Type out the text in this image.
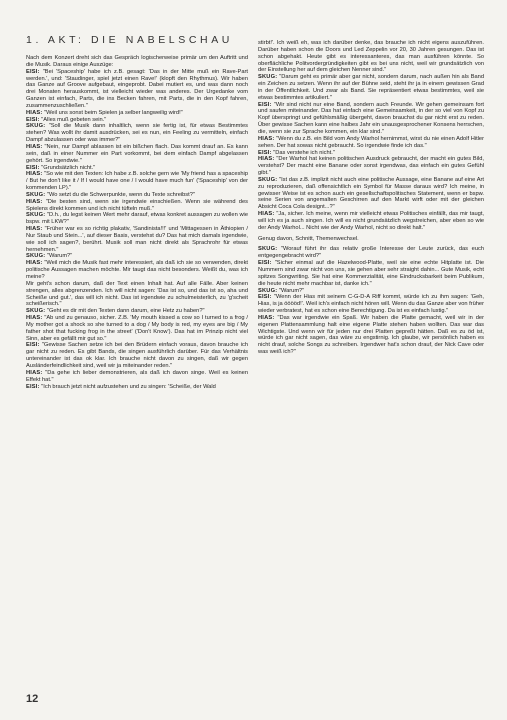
1. AKT: DIE NABELSCHAU

Nach dem Konzert dreht sich das Gespräch logischerweise primär um den Auftritt und die Musik. Daraus einige Auszüge:

EISI: "Bei 'Spaceship' habe ich z.B. gesagt: 'Das in der Mitte muß ein Rave-Part werden.', und: 'Staudinger, spiel jetzt einen Rave!' (klopft den Rhythmus). Wir haben das Ganze auf Groove aufgebaut, eingeprobt. Dabei mutiert es, und was dann noch drei Monaten herauskommt, ist vielleicht wieder was anderes. Der Urgedanke vom Ganzen ist einfach, Parts, die ins Becken fahren, mit Parts, die in den Kopf fahren, zusammenzuschließen."

HIAS: "Weil uns sonst beim Spielen ja selber langweilig wird!"

EISI: "Alles muß gebeten sein."

SKUG: "Soll die Musik dann inhaltlich, wenn sie fertig ist, für etwas Bestimmtes stehen? Was wollt ihr damit ausdrücken, sei es nun, ein Feeling zu vermitteln, einfach Dampf abzulassen oder was immer?"

HIAS: "Nein, nur Dampf ablassen ist ein bißchen flach. Das kommt drauf an. Es kann sein, daß in einer Nummer ein Part vorkommt, bei dem einfach Dampf abgelassen gehört. So irgendwie."

EISI: "Grundsätzlich nicht."

HIAS: "So wie mit den Texten: Ich habe z.B. solche gern wie 'My friend has a spaceship / But he don't like it / If I would have one / I would have much fun' ('Spaceship' von der kommenden LP)."

SKUG: "Wo setzt du die Schwerpunkte, wenn du Texte schreibst?"

HIAS: "Die besten sind, wenn sie irgendwie einschießen. Wenn sie während des Spielens direkt kommen und ich nicht tüfteln muß."

SKUG: "D.h., du legst keinen Wert mehr darauf, etwas konkret aussagen zu wollen wie bspw. mit LKW?"

HIAS: "Früher war es so richtig plakativ, 'Sandinista!!!' und 'Mittagessen in Äthiopien / Nur Staub und Stein...', auf dieser Basis, verstehst du? Das hat mich damals irgendwie, wie soll ich sagen?, berührt. Musik soll man nicht direkt als Sprachrohr für etwas hernehmen."

SKUG: "Warum?"

HIAS: "Weil mich die Musik fast mehr interessiert, als daß ich sie so verwenden, direkt politische Aussagen machen möchte. Mir taugt das nicht besonders. Weißt du, was ich meine?

Mir geht's schon darum, daß der Text einen Inhalt hat. Auf alle Fälle. Aber keinen strengen, alles abgrenzenden. Ich will nicht sagen: 'Das ist so, und das ist so, aha und Scheiße und gut.', das will ich nicht. Das ist irgendwie zu schulmeisterlich, zu 'g'scheit scheißerisch."

SKUG: "Geht es dir mit den Texten dann darum, eine Hetz zu haben?"

HIAS: "Ab und zu genauso, sicher. Z.B. 'My mouth kissed a cow so I turned to a frog / My mother got a shock so she turned to a dog / My body is red, my eyes are big / My father shot that fucking frog in the street' ('Don't Know'). Das hat im Prinzip nicht viel Sinn, aber es gefällt mir gut so."

EISI: "Gewisse Sachen setze ich bei den Brüdern einfach voraus, davon brauche ich gar nicht zu reden. Es gibt Bands, die singen ausführlich darüber. Für das Verhältnis untereinander ist das ok klar. Ich brauche nicht davon zu singen, daß wir gegen Ausländerfeindlichkeit sind, weil wir ja miteinander reden."

HIAS: "Da gehe ich lieber demonstrieren, als daß ich davon singe. Weil es keinen Effekt hat."

EISI: "Ich brauch jetzt nicht aufzustehen und zu singen: 'Scheiße, der Wald

stirbt!'. Ich weiß eh, was ich darüber denke, das brauche ich nicht eigens auszuführen. Darüber haben schon die Doors und Led Zeppelin vor 20, 30 Jahren gesungen. Das ist schon abgehakt. Heute gibt es interessanteres, das man ausführen könnte. So oberflächliche Politvordergründigkeiten gibt es bei uns nicht, weil wir grundsätzlich von der Einstellung her auf dem gleichen Nenner sind."

SKUG: "Darum geht es primär aber gar nicht, sondern darum, nach außen hin als Band ein Zeichen zu setzen. Wenn ihr auf der Bühne seid, steht ihr ja in einem gewissen Grad in der Öffentlichkeit. Und zwar als Band. Sie repräsentiert etwas bestimmtes, weil sie etwas bestimmtes artikuliert."

EISI: "Wir sind nicht nur eine Band, sondern auch Freunde. Wir gehen gemeinsam fort und saufen miteinander. Das hat einfach eine Gemeinsamkeit, in der so viel von Kopf zu Kopf überspringt und gefühlsmäßig übergeht, davon brauchst du gar nicht erst zu reden. Über gewisse Sachen kann eine halbes Jahr ein unausgesprochener Konsens herrschen, die, wenn sie zur Sprache kommen, ein klar sind."

HIAS: "Wenn du z.B. ein Bild vom Andy Warhol hernimmst, wirst du nie einen Adolf Hitler sehen. Der hat sowas nicht gebraucht. So irgendwie finde ich das."

EISI: "Das verstehe ich nicht."

HIAS: "Der Warhol hat keinen politischen Ausdruck gebraucht, der macht ein gutes Bild, verstehst? Der macht eine Banane oder sonst irgendwas, das einfach ein gutes Gefühl gibt."

SKUG: "Ist das z.B. implizit nicht auch eine politische Aussage, eine Banane auf eine Art zu reproduzieren, daß offensichtlich ein Symbol für Masse daraus wird? Ich meine, in gewisser Weise ist es schon auch ein gesellschaftspolitisches Statement, wenn er bspw. seine Serien von angemalten Geschirren auf den Markt wirft oder mit der gleichen Absicht Coca Cola designt...?"

HIAS: "Ja, sicher. Ich meine, wenn mir vielleicht etwas Politisches einfällt, das mir taugt, will ich es ja auch singen. Ich will es nicht grundsätzlich wegstreichen, aber eben so wie der Andy Warhol... Nicht wie der Andy Warhol, nicht so direkt halt."

Genug davon, Schnitt, Themenwechsel.

SKUG: "Worauf führt ihr das relativ große Interesse der Leute zurück, das euch entgegengebracht wird?"

EISI: "Sicher einmal auf die Hazelwood-Platte, weil sie eine echte Hitplatte ist. Die Nummern sind zwar nicht von uns, sie gehen aber sehr straight dahin... Gute Musik, echt spitzes Songwriting. Sie hat eine Kommerzialität, eine Eindrucksbarkeit beim Publikum, die heute nicht mehr machbar ist, danke ich."

SKUG: "Warum?"

EISI: "Wenn der Hias mit seinem C-G-D-A Riff kommt, würde ich zu ihm sagen: 'Geh, Hias, is ja ööööd!'. Weil ich's einfach nicht hören will. Wenn du das Ganze aber von früher wieder verbratest, hat es schon eine Berechtigung. Da ist es einfach lustig."

HIAS: "Das war irgendwie ein Spaß. Wir haben die Platte gemacht, weil wir in der eigenen Plattensammlung halt eine eigene Platte stehen haben wollten. Das war das Wichtigste. Und wenn wir für jeden nur drei Platten gepreßt hätten. Daß es zu öd ist, würde ich gar nicht sagen, das wäre zu engstirnig. Ich glaube, wir persönlich haben es nicht drauf, solche Songs zu schreiben. Irgendwer hat's schon drauf, der Nick Cave oder was weiß ich?"

12
